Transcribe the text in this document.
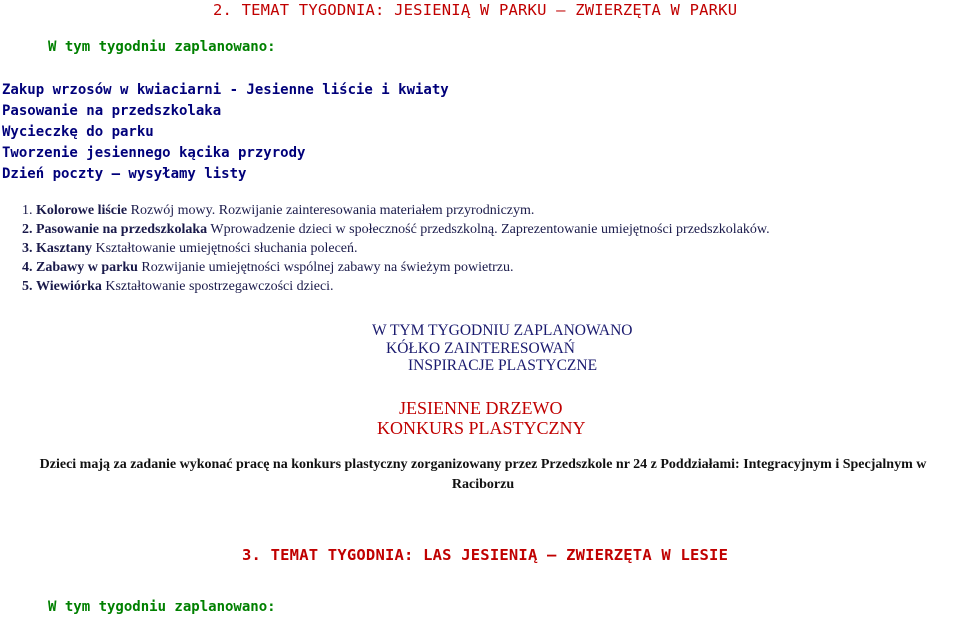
2. TEMAT TYGODNIA: JESIENIĄ W PARKU – ZWIERZĘTA W PARKU
W tym tygodniu zaplanowano:
Zakup wrzosów w kwiaciarni - Jesienne liście i kwiaty
Pasowanie na przedszkolaka
Wycieczkę do parku
Tworzenie jesiennego kącika przyrody
Dzień poczty – wysyłamy listy
1. Kolorowe liście Rozwój mowy. Rozwijanie zainteresowania materiałem przyrodniczym.
2. Pasowanie na przedszkolaka Wprowadzenie dzieci w społeczność przedszkolną. Zaprezentowanie umiejętności przedszkolaków.
3. Kasztany Kształtowanie umiejętności słuchania poleceń.
4. Zabawy w parku Rozwijanie umiejętności wspólnej zabawy na świeżym powietrzu.
5. Wiewiórka Kształtowanie spostrzegawczości dzieci.
W TYM TYGODNIU ZAPLANOWANO
KÓŁKO ZAINTERESOWAŃ
INSPIRACJE PLASTYCZNE
JESIENNE DRZEWO
KONKURS PLASTYCZNY
Dzieci mają za zadanie wykonać pracę na konkurs plastyczny zorganizowany przez Przedszkole nr 24 z Poddziałami: Integracyjnym i Specjalnym w
Raciborzu
3. TEMAT TYGODNIA: LAS JESIENIĄ – ZWIERZĘTA W LESIE
W tym tygodniu zaplanowano:
